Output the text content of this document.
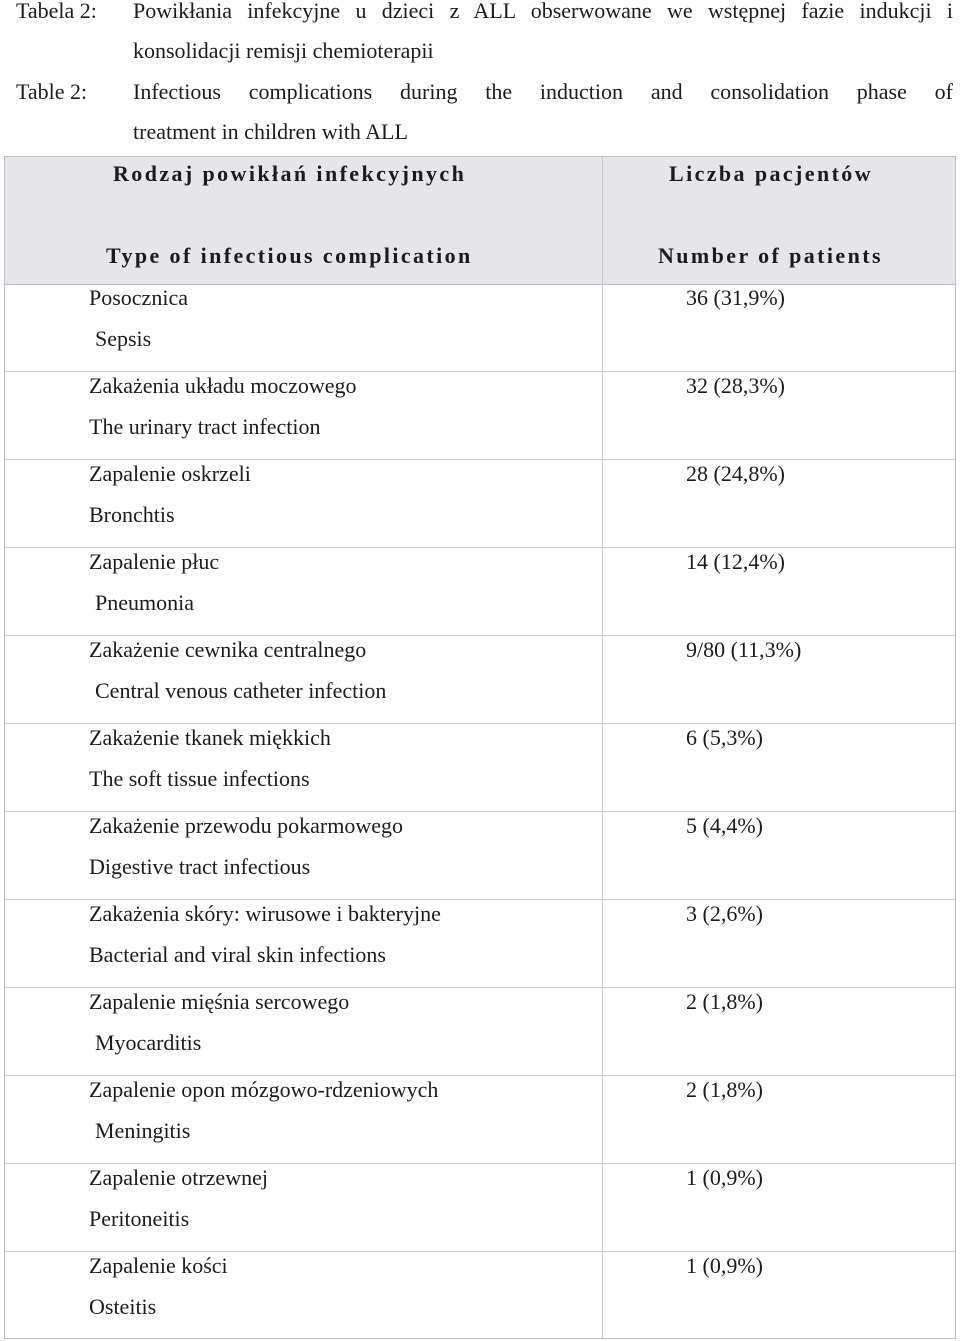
Tabela 2: Powikłania infekcyjne u dzieci z ALL obserwowane we wstępnej fazie indukcji i
konsolidacji remisji chemioterapii
Table 2: Infectious complications during the induction and consolidation phase of
treatment in children with ALL
Rodzaj powikłań infekcyjnych
Type of infectious complication
Liczba pacjentów
Number of patients
Posocznica
Sepsis
36 (31,9%)
Zakażenia układu moczowego
The urinary tract infection
32 (28,3%)
Zapalenie oskrzeli
Bronchtis
28 (24,8%)
Zapalenie płuc
Pneumonia
14 (12,4%)
Zakażenie cewnika centralnego
Central venous catheter infection
9/80 (11,3%)
Zakażenie tkanek miękkich
The soft tissue infections
6 (5,3%)
Zakażenie przewodu pokarmowego
Digestive tract infectious
5 (4,4%)
Zakażenia skóry: wirusowe i bakteryjne
Bacterial and viral skin infections
3 (2,6%)
Zapalenie mięśnia sercowego
Myocarditis
2 (1,8%)
Zapalenie opon mózgowo-rdzeniowych
Meningitis
2 (1,8%)
Zapalenie otrzewnej
Peritoneitis
1 (0,9%)
Zapalenie kości
Osteitis
1 (0,9%)
